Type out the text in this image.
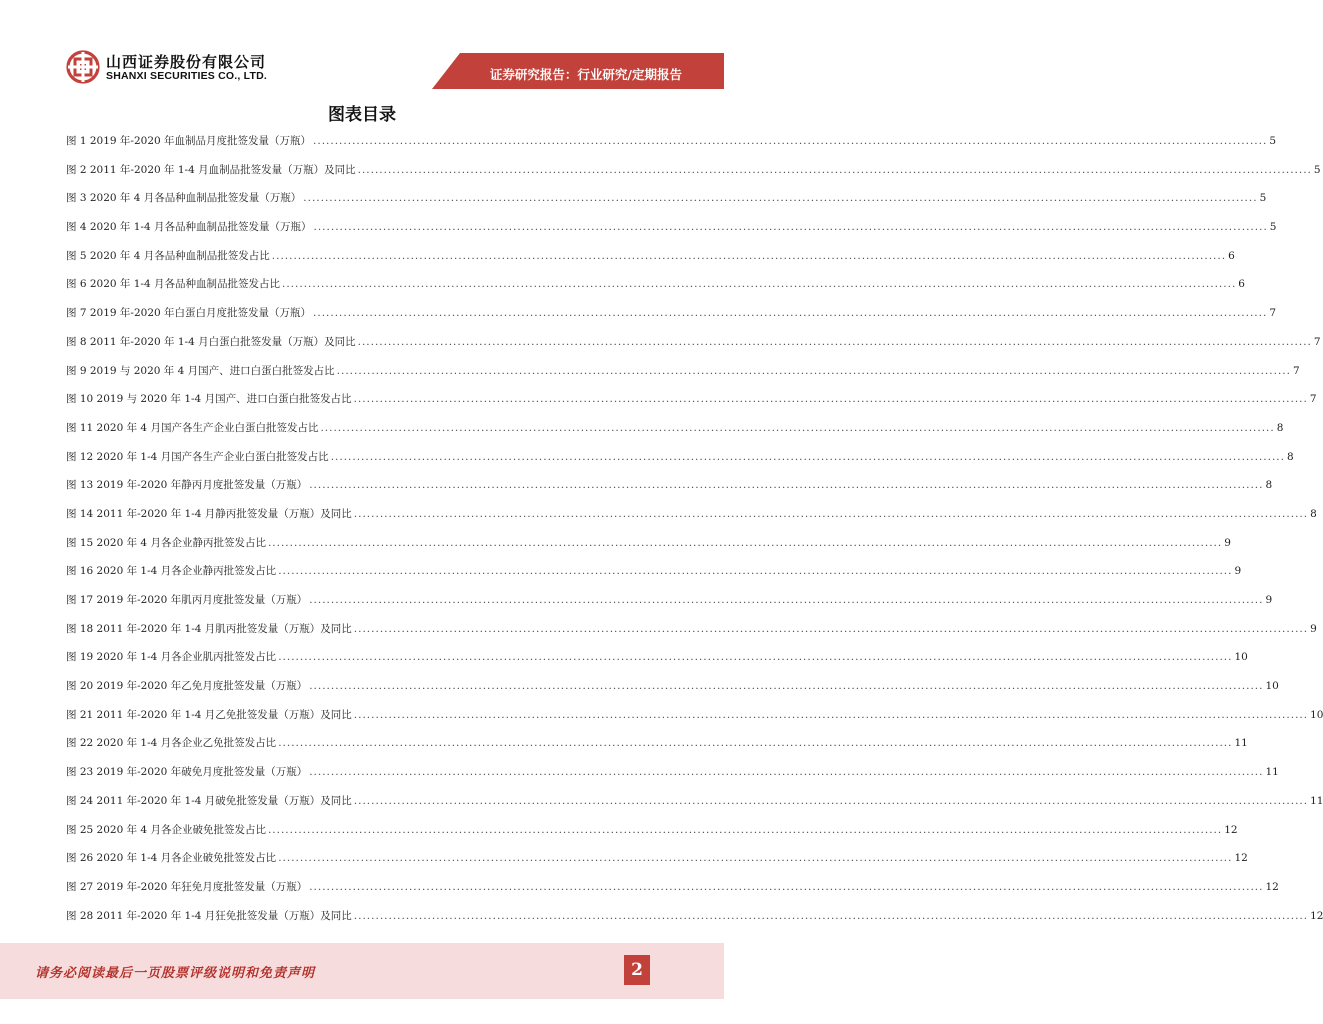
山西证券股份有限公司
SHANXI SECURITIES CO., LTD.	证券研究报告：行业研究/定期报告
图表目录
图 1 2019 年-2020 年血制品月度批签发量（万瓶） ............................................................................................................................................................................................................................ 5
图 2 2011 年-2020 年 1-4 月血制品批签发量（万瓶）及同比 ............................................................................................................................................................................................................................ 5
图 3 2020 年 4 月各品种血制品批签发量（万瓶） ............................................................................................................................................................................................................................ 5
图 4 2020 年 1-4 月各品种血制品批签发量（万瓶） ............................................................................................................................................................................................................................ 5
图 5 2020 年 4 月各品种血制品批签发占比 ............................................................................................................................................................................................................................ 6
图 6 2020 年 1-4 月各品种血制品批签发占比 ............................................................................................................................................................................................................................ 6
图 7 2019 年-2020 年白蛋白月度批签发量（万瓶） ............................................................................................................................................................................................................................ 7
图 8 2011 年-2020 年 1-4 月白蛋白批签发量（万瓶）及同比 ............................................................................................................................................................................................................................ 7
图 9 2019 与 2020 年 4 月国产、进口白蛋白批签发占比 ............................................................................................................................................................................................................................ 7
图 10 2019 与 2020 年 1-4 月国产、进口白蛋白批签发占比 ............................................................................................................................................................................................................................ 7
图 11 2020 年 4 月国产各生产企业白蛋白批签发占比 ............................................................................................................................................................................................................................ 8
图 12 2020 年 1-4 月国产各生产企业白蛋白批签发占比 ............................................................................................................................................................................................................................ 8
图 13 2019 年-2020 年静丙月度批签发量（万瓶） ............................................................................................................................................................................................................................ 8
图 14 2011 年-2020 年 1-4 月静丙批签发量（万瓶）及同比 ............................................................................................................................................................................................................................ 8
图 15 2020 年 4 月各企业静丙批签发占比 ............................................................................................................................................................................................................................ 9
图 16 2020 年 1-4 月各企业静丙批签发占比 ............................................................................................................................................................................................................................ 9
图 17 2019 年-2020 年肌丙月度批签发量（万瓶） ............................................................................................................................................................................................................................ 9
图 18 2011 年-2020 年 1-4 月肌丙批签发量（万瓶）及同比 ............................................................................................................................................................................................................................ 9
图 19 2020 年 1-4 月各企业肌丙批签发占比 ............................................................................................................................................................................................................................ 10
图 20 2019 年-2020 年乙免月度批签发量（万瓶） ............................................................................................................................................................................................................................ 10
图 21 2011 年-2020 年 1-4 月乙免批签发量（万瓶）及同比 ............................................................................................................................................................................................................................ 10
图 22 2020 年 1-4 月各企业乙免批签发占比 ............................................................................................................................................................................................................................ 11
图 23 2019 年-2020 年破免月度批签发量（万瓶） ............................................................................................................................................................................................................................ 11
图 24 2011 年-2020 年 1-4 月破免批签发量（万瓶）及同比 ............................................................................................................................................................................................................................ 11
图 25 2020 年 4 月各企业破免批签发占比 ............................................................................................................................................................................................................................ 12
图 26 2020 年 1-4 月各企业破免批签发占比 ............................................................................................................................................................................................................................ 12
图 27 2019 年-2020 年狂免月度批签发量（万瓶） ............................................................................................................................................................................................................................ 12
图 28 2011 年-2020 年 1-4 月狂免批签发量（万瓶）及同比 ............................................................................................................................................................................................................................ 12
请务必阅读最后一页股票评级说明和免责声明	2
